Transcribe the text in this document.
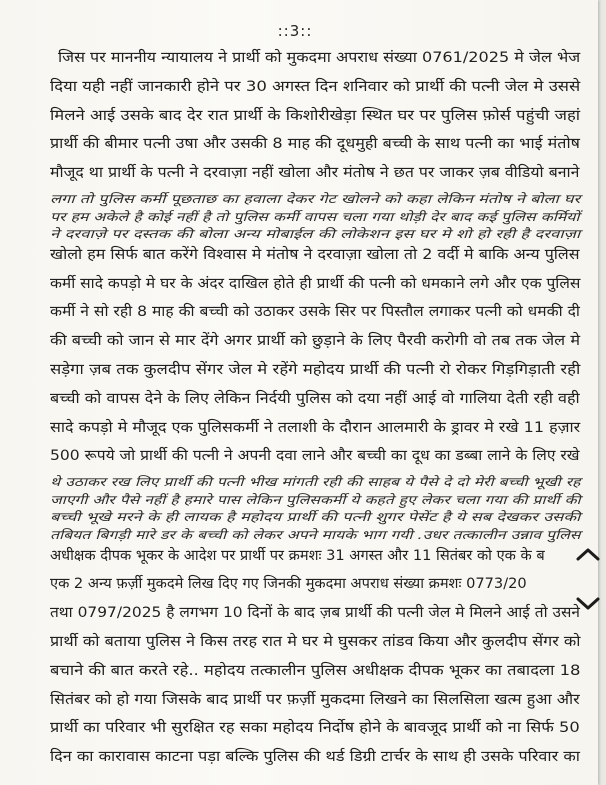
::3::
जिस पर माननीय न्यायालय ने प्रार्थी को मुकदमा अपराध संख्या 0761/2025 मे जेल भेज
दिया यही नहीं जानकारी होने पर 30 अगस्त दिन शनिवार को प्रार्थी की पत्नी जेल मे उससे
मिलने आई उसके बाद देर रात प्रार्थी के किशोरीखेड़ा स्थित घर पर पुलिस फ़ोर्स पहुंची जहां
प्रार्थी की बीमार पत्नी उषा और उसकी 8 माह की दूधमुही बच्ची के साथ पत्नी का भाई मंतोष
मौजूद था प्रार्थी के पत्नी ने दरवाज़ा नहीं खोला और मंतोष ने छत पर जाकर ज़ब वीडियो बनाने
लगा तो पुलिस कर्मी पूछताछ का हवाला देकर गेट खोलने को कहा लेकिन मंतोष ने बोला घर
पर हम अकेले है कोई नहीं है तो पुलिस कर्मी वापस चला गया थोड़ी देर बाद कई पुलिस कर्मियों
ने दरवाज़े पर दस्तक की बोला अन्य मोबाईल की लोकेशन इस घर मे शो हो रही है दरवाज़ा
खोलो हम सिर्फ बात करेंगे विश्वास मे मंतोष ने दरवाज़ा खोला तो 2 वर्दी मे बाकि अन्य पुलिस
कर्मी सादे कपड़ो मे घर के अंदर दाखिल होते ही प्रार्थी की पत्नी को धमकाने लगे और एक पुलिस
कर्मी ने सो रही 8 माह की बच्ची को उठाकर उसके सिर पर पिस्तौल लगाकर पत्नी को धमकी दी
की बच्ची को जान से मार देंगे अगर प्रार्थी को छुड़ाने के लिए पैरवी करोगी वो तब तक जेल मे
सड़ेगा ज़ब तक कुलदीप सेंगर जेल मे रहेंगे महोदय प्रार्थी की पत्नी रो रोकर गिड़गिड़ाती रही
बच्ची को वापस देने के लिए लेकिन निर्दयी पुलिस को दया नहीं आई वो गालिया देती रही वही
सादे कपड़ो मे मौजूद एक पुलिसकर्मी ने तलाशी के दौरान आलमारी के ड्रावर मे रखे 11 हज़ार
500 रूपये जो प्रार्थी की पत्नी ने अपनी दवा लाने और बच्ची का दूध का डब्बा लाने के लिए रखे
थे उठाकर रख लिए प्रार्थी की पत्नी भीख मांगती रही की साहब ये पैसे दे दो मेरी बच्ची भूखी रह
जाएगी और पैसे नहीं है हमारे पास लेकिन पुलिसकर्मी ये कहते हुए लेकर चला गया की प्रार्थी की
बच्ची भूखे मरने के ही लायक है महोदय प्रार्थी की पत्नी शुगर पेसेंट है ये सब देखकर उसकी
तबियत बिगड़ी मारे डर के बच्ची को लेकर अपने मायके भाग गयी .उधर तत्कालीन उन्नाव पुलिस
अधीक्षक दीपक भूकर के आदेश पर प्रार्थी पर क्रमशः 31 अगस्त और 11 सितंबर को एक के ब
एक 2 अन्य फ़र्ज़ी मुकदमे लिख दिए गए जिनकी मुकदमा अपराध संख्या क्रमशः 0773/20
तथा 0797/2025 है लगभग 10 दिनों के बाद ज़ब प्रार्थी की पत्नी जेल मे मिलने आई तो उसने
प्रार्थी को बताया पुलिस ने किस तरह रात मे घर मे घुसकर तांडव किया और कुलदीप सेंगर को
बचाने की बात करते रहे.. महोदय तत्कालीन पुलिस अधीक्षक दीपक भूकर का तबादला 18
सितंबर को हो गया जिसके बाद प्रार्थी पर फ़र्ज़ी मुकदमा लिखने का सिलसिला खत्म हुआ और
प्रार्थी का परिवार भी सुरक्षित रह सका महोदय निर्दोष होने के बावजूद प्रार्थी को ना सिर्फ 50
दिन का कारावास काटना पड़ा बल्कि पुलिस की थर्ड डिग्री टार्चर के साथ ही उसके परिवार का
